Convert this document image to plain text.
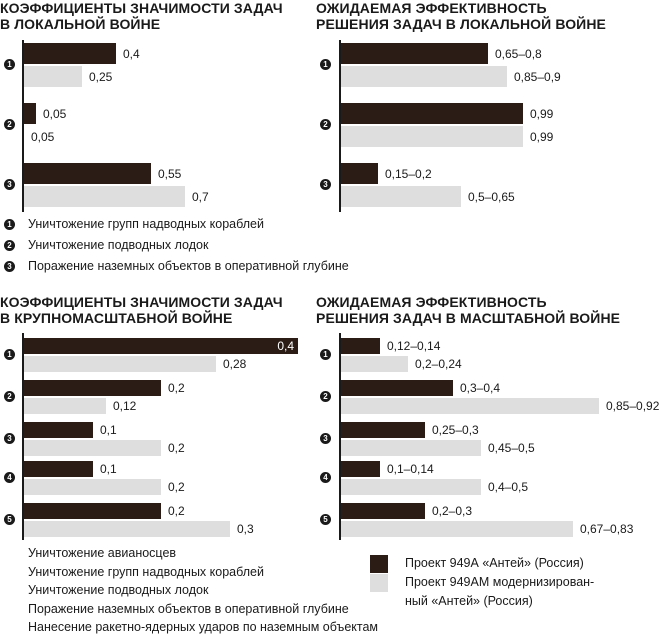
КОЭФФИЦИЕНТЫ ЗНАЧИМОСТИ ЗАДАЧ
В ЛОКАЛЬНОЙ ВОЙНЕ
1
0,4
0,25
2
0,05
0,05
3
0,55
0,7
ОЖИДАЕМАЯ ЭФФЕКТИВНОСТЬ
РЕШЕНИЯ ЗАДАЧ В ЛОКАЛЬНОЙ ВОЙНЕ
1
0,65–0,8
0,85–0,9
2
0,99
0,99
3
0,15–0,2
0,5–0,65
КОЭФФИЦИЕНТЫ ЗНАЧИМОСТИ ЗАДАЧ
В КРУПНОМАСШТАБНОЙ ВОЙНЕ
1
0,4
0,28
2
0,2
0,12
3
0,1
0,2
4
0,1
0,2
5
0,2
0,3
ОЖИДАЕМАЯ ЭФФЕКТИВНОСТЬ
РЕШЕНИЯ ЗАДАЧ В МАСШТАБНОЙ ВОЙНЕ
1
0,12–0,14
0,2–0,24
2
0,3–0,4
0,85–0,92
3
0,25–0,3
0,45–0,5
4
0,1–0,14
0,4–0,5
5
0,2–0,3
0,67–0,83
1 Уничтожение групп надводных кораблей
2 Уничтожение подводных лодок
3 Поражение наземных объектов в оперативной глубине
Уничтожение авианосцев
Уничтожение групп надводных кораблей
Уничтожение подводных лодок
Поражение наземных объектов в оперативной глубине
Нанесение ракетно-ядерных ударов по наземным объектам
Проект 949А «Антей» (Россия)
Проект 949АМ модернизирован-
ный «Антей» (Россия)
